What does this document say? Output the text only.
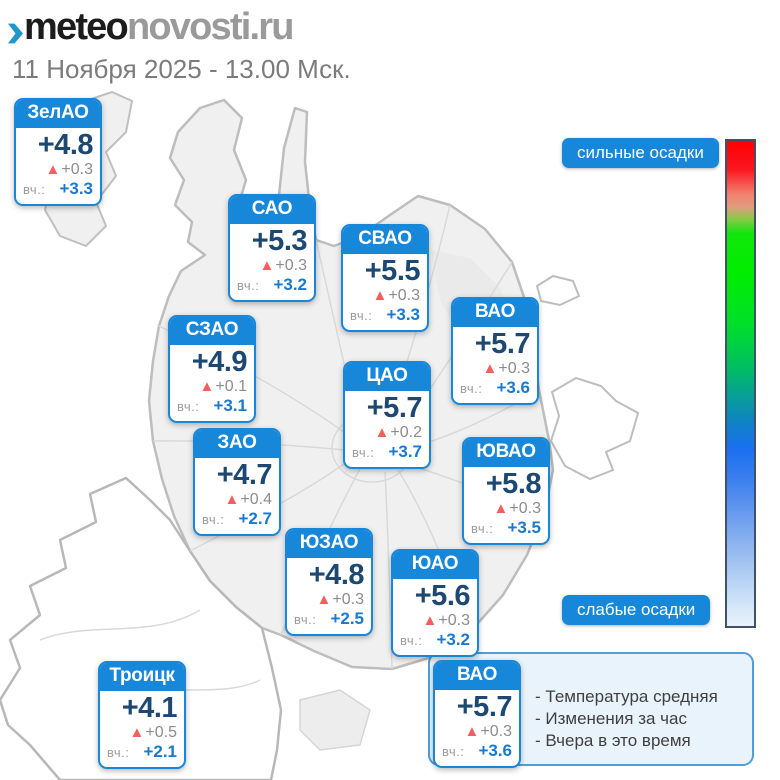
meteo novosti.ru
11 Ноября 2025 - 13.00 Мск.
сильные осадки
слабые осадки
ЗелАО
+4.8
▲ +0.3
вч.: +3.3
САО
+5.3
▲ +0.3
вч.: +3.2
СВАО
+5.5
▲ +0.3
вч.: +3.3
СЗАО
+4.9
▲ +0.1
вч.: +3.1
ВАО
+5.7
▲ +0.3
вч.: +3.6
ЦАО
+5.7
▲ +0.2
вч.: +3.7
ЗАО
+4.7
▲ +0.4
вч.: +2.7
ЮВАО
+5.8
▲ +0.3
вч.: +3.5
ЮЗАО
+4.8
▲ +0.3
вч.: +2.5
ЮАО
+5.6
▲ +0.3
вч.: +3.2
Троицк
+4.1
▲ +0.5
вч.: +2.1
ВАО
+5.7
▲ +0.3
вч.: +3.6
- Температура средняя
- Изменения за час
- Вчера в это время
